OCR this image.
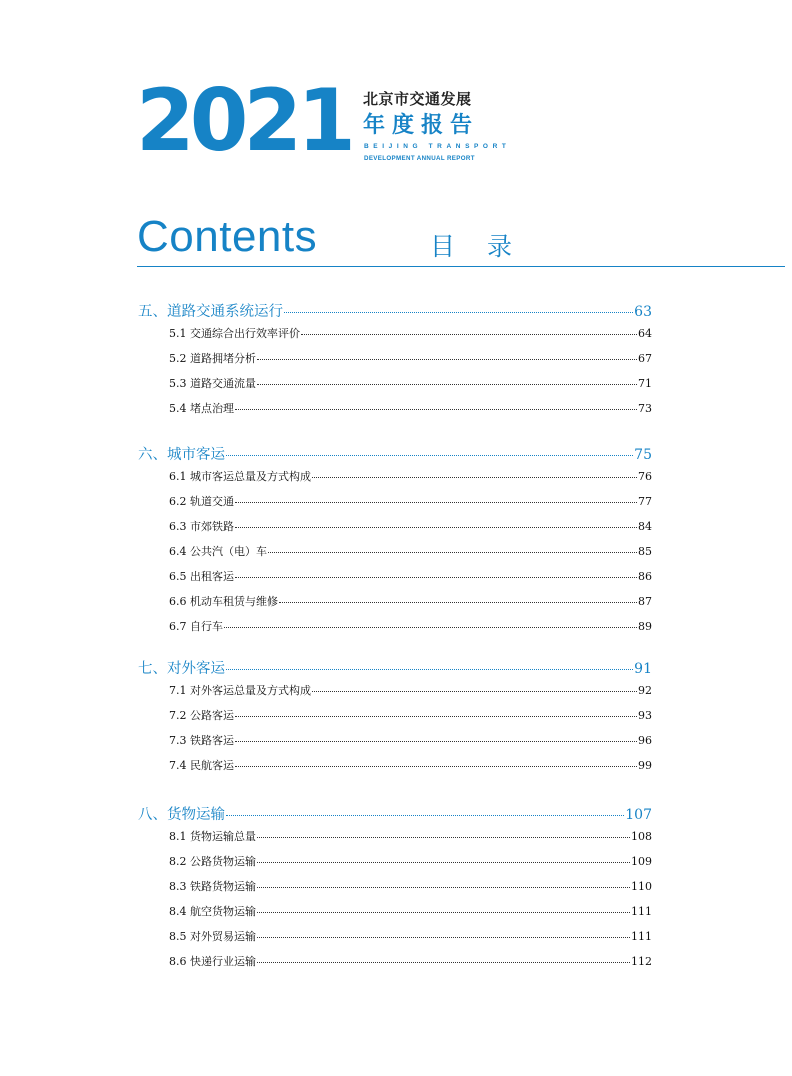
2021 北京市交通发展
年度报告
BEIJING TRANSPORT
DEVELOPMENT ANNUAL REPORT
Contents	目 录
五、道路交通系统运行	63
5.1 交通综合出行效率评价	64
5.2 道路拥堵分析	67
5.3 道路交通流量	71
5.4 堵点治理	73
六、城市客运	75
6.1 城市客运总量及方式构成	76
6.2 轨道交通	77
6.3 市郊铁路	84
6.4 公共汽（电）车	85
6.5 出租客运	86
6.6 机动车租赁与维修	87
6.7 自行车	89
七、对外客运	91
7.1 对外客运总量及方式构成	92
7.2 公路客运	93
7.3 铁路客运	96
7.4 民航客运	99
八、货物运输	107
8.1 货物运输总量	108
8.2 公路货物运输	109
8.3 铁路货物运输	110
8.4 航空货物运输	111
8.5 对外贸易运输	111
8.6 快递行业运输	112
